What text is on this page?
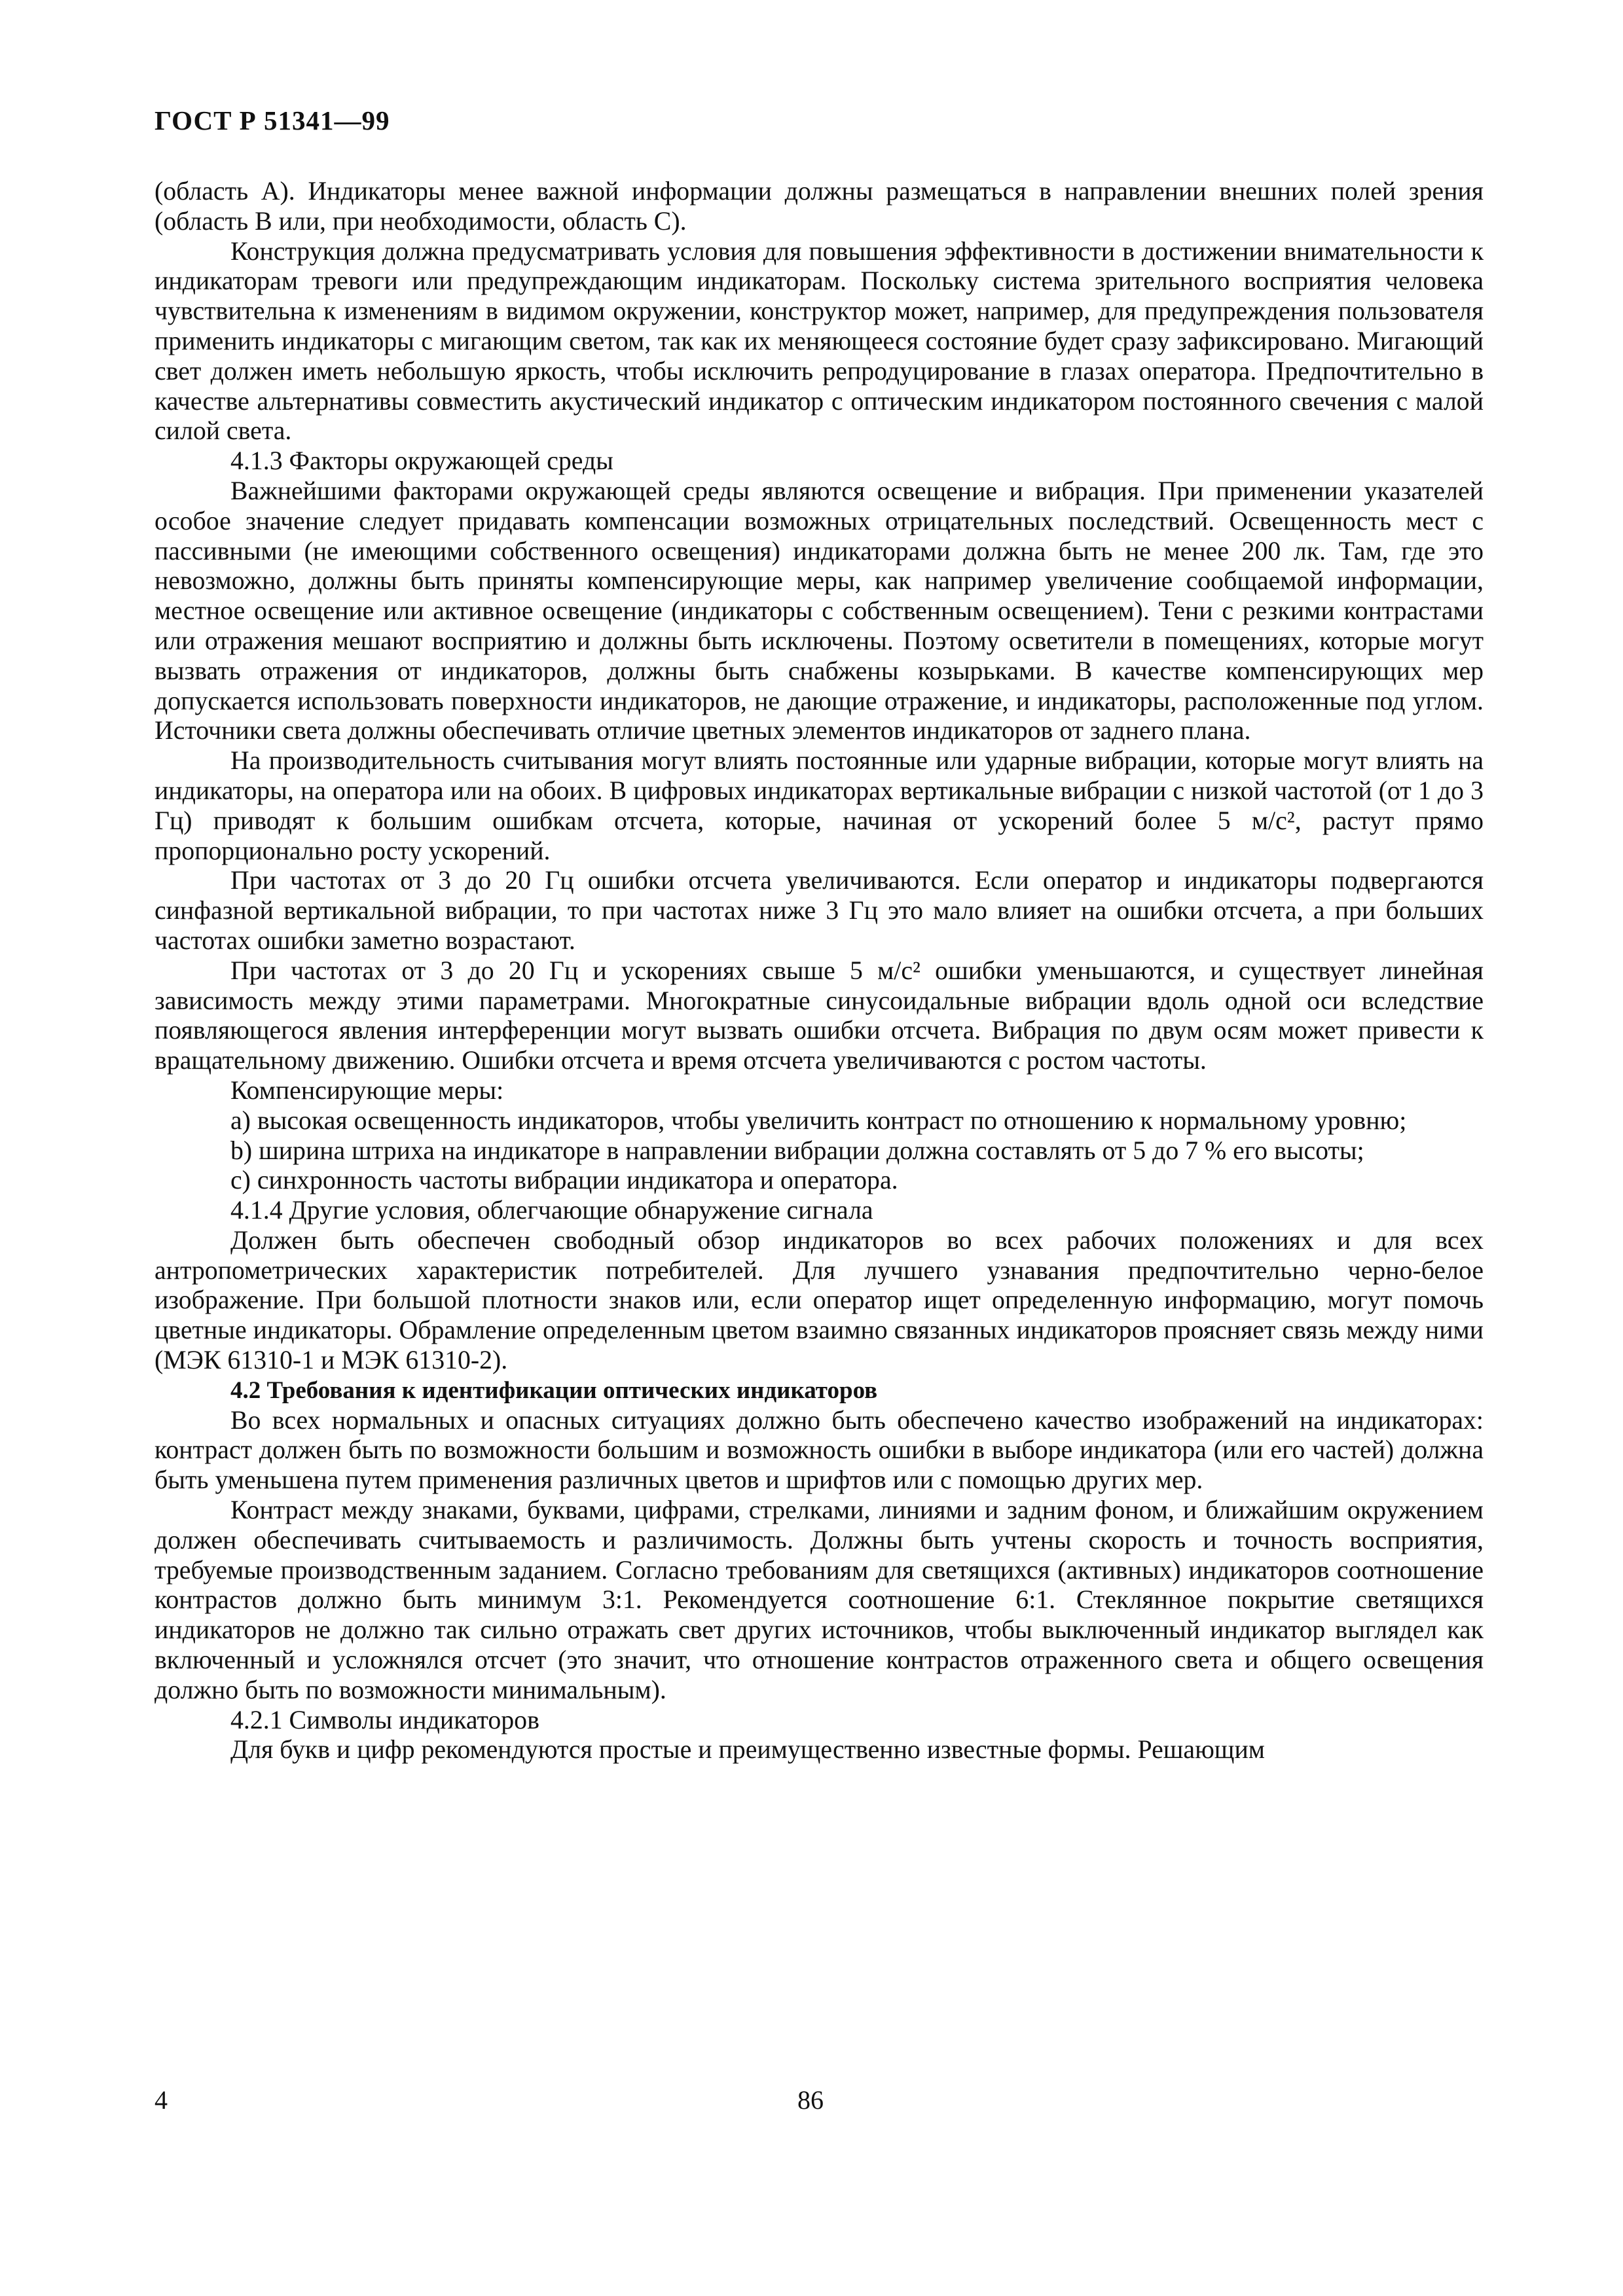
ГОСТ Р 51341—99

(область A). Индикаторы менее важной информации должны размещаться в направлении внешних полей зрения (область B или, при необходимости, область C).

Конструкция должна предусматривать условия для повышения эффективности в достижении внимательности к индикаторам тревоги или предупреждающим индикаторам. Поскольку система зрительного восприятия человека чувствительна к изменениям в видимом окружении, конструктор может, например, для предупреждения пользователя применить индикаторы с мигающим светом, так как их меняющееся состояние будет сразу зафиксировано. Мигающий свет должен иметь небольшую яркость, чтобы исключить репродуцирование в глазах оператора. Предпочтительно в качестве альтернативы совместить акустический индикатор с оптическим индикатором постоянного свечения с малой силой света.

4.1.3 Факторы окружающей среды

Важнейшими факторами окружающей среды являются освещение и вибрация. При применении указателей особое значение следует придавать компенсации возможных отрицательных последствий. Освещенность мест с пассивными (не имеющими собственного освещения) индикаторами должна быть не менее 200 лк. Там, где это невозможно, должны быть приняты компенсирующие меры, как например увеличение сообщаемой информации, местное освещение или активное освещение (индикаторы с собственным освещением). Тени с резкими контрастами или отражения мешают восприятию и должны быть исключены. Поэтому осветители в помещениях, которые могут вызвать отражения от индикаторов, должны быть снабжены козырьками. В качестве компенсирующих мер допускается использовать поверхности индикаторов, не дающие отражение, и индикаторы, расположенные под углом. Источники света должны обеспечивать отличие цветных элементов индикаторов от заднего плана.

На производительность считывания могут влиять постоянные или ударные вибрации, которые могут влиять на индикаторы, на оператора или на обоих. В цифровых индикаторах вертикальные вибрации с низкой частотой (от 1 до 3 Гц) приводят к большим ошибкам отсчета, которые, начиная от ускорений более 5 м/с², растут прямо пропорционально росту ускорений.

При частотах от 3 до 20 Гц ошибки отсчета увеличиваются. Если оператор и индикаторы подвергаются синфазной вертикальной вибрации, то при частотах ниже 3 Гц это мало влияет на ошибки отсчета, а при больших частотах ошибки заметно возрастают.

При частотах от 3 до 20 Гц и ускорениях свыше 5 м/с² ошибки уменьшаются, и существует линейная зависимость между этими параметрами. Многократные синусоидальные вибрации вдоль одной оси вследствие появляющегося явления интерференции могут вызвать ошибки отсчета. Вибрация по двум осям может привести к вращательному движению. Ошибки отсчета и время отсчета увеличиваются с ростом частоты.

Компенсирующие меры:

a) высокая освещенность индикаторов, чтобы увеличить контраст по отношению к нормальному уровню;

b) ширина штриха на индикаторе в направлении вибрации должна составлять от 5 до 7 % его высоты;

c) синхронность частоты вибрации индикатора и оператора.

4.1.4 Другие условия, облегчающие обнаружение сигнала

Должен быть обеспечен свободный обзор индикаторов во всех рабочих положениях и для всех антропометрических характеристик потребителей. Для лучшего узнавания предпочтительно черно-белое изображение. При большой плотности знаков или, если оператор ищет определенную информацию, могут помочь цветные индикаторы. Обрамление определенным цветом взаимно связанных индикаторов проясняет связь между ними (МЭК 61310-1 и МЭК 61310-2).

4.2 Требования к идентификации оптических индикаторов

Во всех нормальных и опасных ситуациях должно быть обеспечено качество изображений на индикаторах: контраст должен быть по возможности большим и возможность ошибки в выборе индикатора (или его частей) должна быть уменьшена путем применения различных цветов и шрифтов или с помощью других мер.

Контраст между знаками, буквами, цифрами, стрелками, линиями и задним фоном, и ближайшим окружением должен обеспечивать считываемость и различимость. Должны быть учтены скорость и точность восприятия, требуемые производственным заданием. Согласно требованиям для светящихся (активных) индикаторов соотношение контрастов должно быть минимум 3:1. Рекомендуется соотношение 6:1. Стеклянное покрытие светящихся индикаторов не должно так сильно отражать свет других источников, чтобы выключенный индикатор выглядел как включенный и усложнялся отсчет (это значит, что отношение контрастов отраженного света и общего освещения должно быть по возможности минимальным).

4.2.1 Символы индикаторов

Для букв и цифр рекомендуются простые и преимущественно известные формы. Решающим

4	86
